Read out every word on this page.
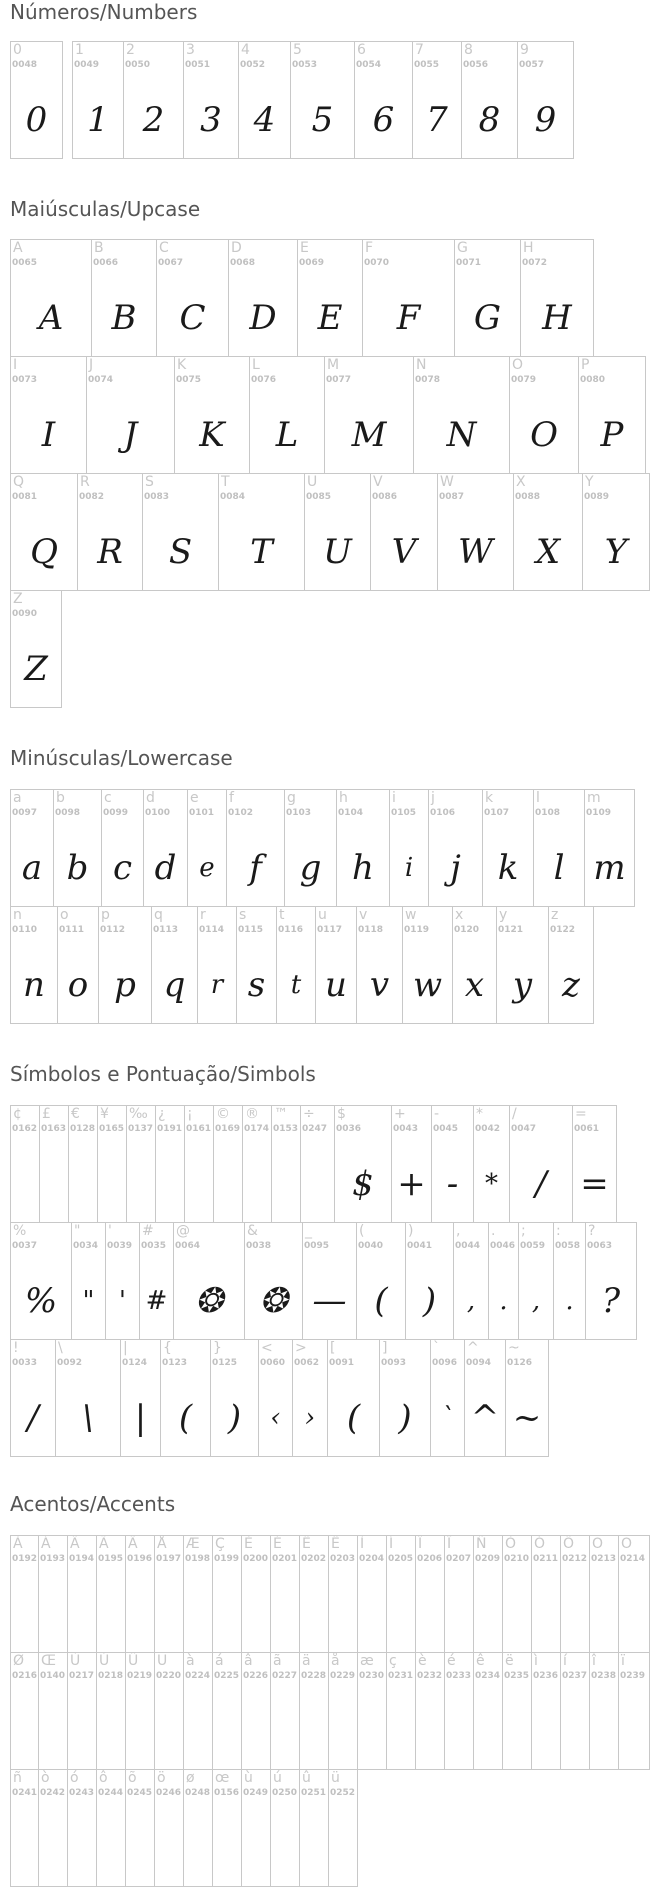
Números/Numbers
0
0048
0
1
0049
1
2
0050
2
3
0051
3
4
0052
4
5
0053
5
6
0054
6
7
0055
7
8
0056
8
9
0057
9
Maiúsculas/Upcase
A
0065
A
B
0066
B
C
0067
C
D
0068
D
E
0069
E
F
0070
F
G
0071
G
H
0072
H
I
0073
I
J
0074
J
K
0075
K
L
0076
L
M
0077
M
N
0078
N
O
0079
O
P
0080
P
Q
0081
Q
R
0082
R
S
0083
S
T
0084
T
U
0085
U
V
0086
V
W
0087
W
X
0088
X
Y
0089
Y
Z
0090
Z
Minúsculas/Lowercase
a
0097
a
b
0098
b
c
0099
c
d
0100
d
e
0101
e
f
0102
f
g
0103
g
h
0104
h
i
0105
i
j
0106
j
k
0107
k
l
0108
l
m
0109
m
n
0110
n
o
0111
o
p
0112
p
q
0113
q
r
0114
r
s
0115
s
t
0116
t
u
0117
u
v
0118
v
w
0119
w
x
0120
x
y
0121
y
z
0122
z
Símbolos e Pontuação/Simbols
¢
0162
£
0163
€
0128
¥
0165
‰
0137
¿
0191
¡
0161
©
0169
®
0174
™
0153
÷
0247
$
0036
$
+
0043
+
-
0045
-
*
0042
*
/
0047
/
=
0061
=
%
0037
%
"
0034
"
'
0039
'
#
0035
#
@
0064
❂
&
0038
❂
_
0095
—
(
0040
(
)
0041
)
,
0044
,
.
0046
.
;
0059
,
:
0058
.
?
0063
?
!
0033
/
\
0092
\
|
0124
|
{
0123
(
}
0125
)
<
0060
‹
>
0062
›
[
0091
(
]
0093
)
`
0096
`
^
0094
^
~
0126
~
Acentos/Accents
À
0192
Á
0193
Â
0194
Ã
0195
Ä
0196
Å
0197
Æ
0198
Ç
0199
È
0200
É
0201
Ê
0202
Ë
0203
Ì
0204
Í
0205
Î
0206
Ï
0207
Ñ
0209
Ò
0210
Ó
0211
Ô
0212
Õ
0213
Ö
0214
Ø
0216
Œ
0140
Ù
0217
Ú
0218
Û
0219
Ü
0220
à
0224
á
0225
â
0226
ã
0227
ä
0228
å
0229
æ
0230
ç
0231
è
0232
é
0233
ê
0234
ë
0235
ì
0236
í
0237
î
0238
ï
0239
ñ
0241
ò
0242
ó
0243
ô
0244
õ
0245
ö
0246
ø
0248
œ
0156
ù
0249
ú
0250
û
0251
ü
0252
